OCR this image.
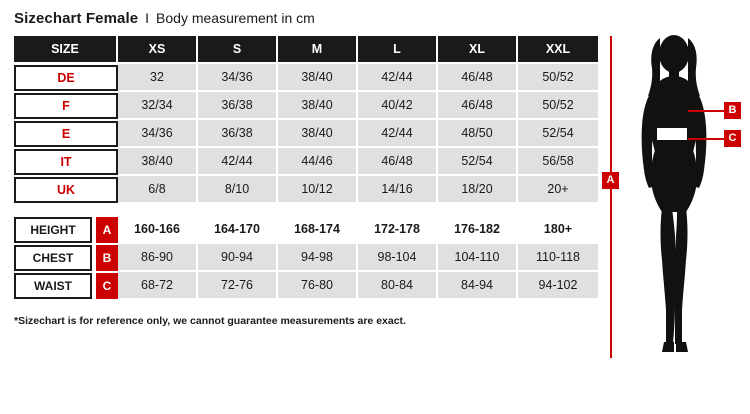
Sizechart Female I Body measurement in cm
SIZE	XS	S	M	L	XL	XXL

DE	32	34/36	38/40	42/44	46/48	50/52

F	32/34	36/38	38/40	40/42	46/48	50/52

E	34/36	36/38	38/40	42/44	48/50	52/54

IT	38/40	42/44	44/46	46/48	52/54	56/58

UK	6/8	8/10	10/12	14/16	18/20	20+

HEIGHT A	160-166	164-170	168-174	172-178	176-182	180+

CHEST B	86-90	90-94	94-98	98-104	104-110	110-118

WAIST C	68-72	72-76	76-80	80-84	84-94	94-102
*Sizechart is for reference only, we cannot guarantee measurements are exact.
A
B
C
